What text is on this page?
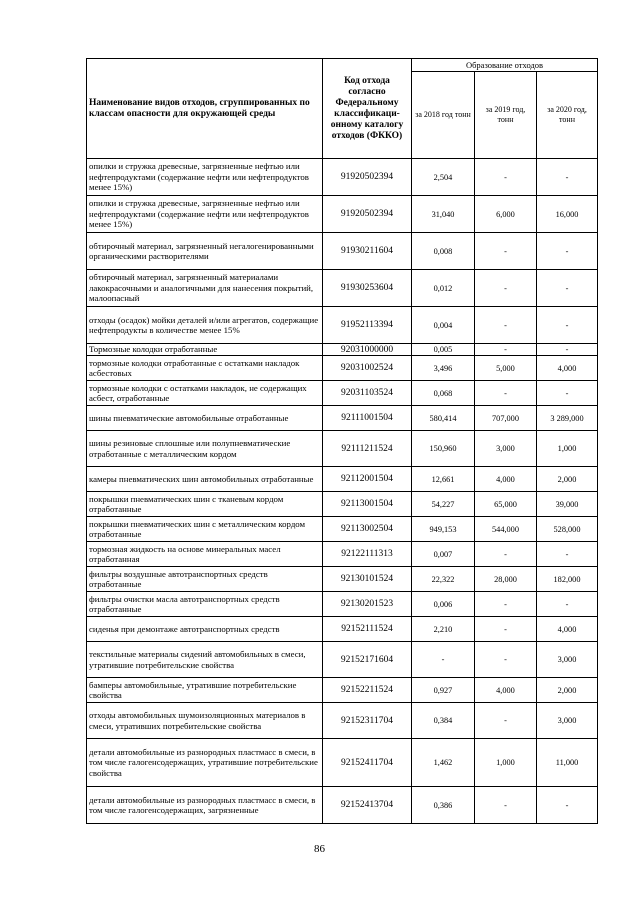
Наименование видов отходов, сгруппированных по классам опасности для окружающей среды	Код отхода согласно Федеральному классификаци-онному каталогу отходов (ФККО)	Образование отходов		
		за 2018 год тонн	за 2019 год, тонн	за 2020 год, тонн
опилки и стружка древесные, загрязненные нефтью или нефтепродуктами (содержание нефти или нефтепродуктов менее 15%)	91920502394	2,504	-	-
опилки и стружка древесные, загрязненные нефтью или нефтепродуктами (содержание нефти или нефтепродуктов менее 15%)	91920502394	31,040	6,000	16,000
обтирочный материал, загрязненный негалогенированными органическими растворителями	91930211604	0,008	-	-
обтирочный материал, загрязненный материалами лакокрасочными и аналогичными для нанесения покрытий, малоопасный	91930253604	0,012	-	-
отходы (осадок) мойки деталей и/или агрегатов, содержащие нефтепродукты в количестве менее 15%	91952113394	0,004	-	-
Тормозные колодки отработанные	92031000000	0,005	-	-
тормозные колодки отработанные с остатками накладок асбестовых	92031002524	3,496	5,000	4,000
тормозные колодки с остатками накладок, не содержащих асбест, отработанные	92031103524	0,068	-	-
шины пневматические автомобильные отработанные	92111001504	580,414	707,000	3 289,000
шины резиновые сплошные или полупневматические отработанные с металлическим кордом	92111211524	150,960	3,000	1,000
камеры пневматических шин автомобильных отработанные	92112001504	12,661	4,000	2,000
покрышки пневматических шин с тканевым кордом отработанные	92113001504	54,227	65,000	39,000
покрышки пневматических шин с металлическим кордом отработанные	92113002504	949,153	544,000	528,000
тормозная жидкость на основе минеральных масел отработанная	92122111313	0,007	-	-
фильтры воздушные автотранспортных средств отработанные	92130101524	22,322	28,000	182,000
фильтры очистки масла автотранспортных средств отработанные	92130201523	0,006	-	-
сиденья при демонтаже автотранспортных средств	92152111524	2,210	-	4,000
текстильные материалы сидений автомобильных в смеси, утратившие потребительские свойства	92152171604	-	-	3,000
бамперы автомобильные, утратившие потребительские свойства	92152211524	0,927	4,000	2,000
отходы автомобильных шумоизоляционных материалов в смеси, утративших потребительские свойства	92152311704	0,384	-	3,000
детали автомобильные из разнородных пластмасс в смеси, в том числе галогенсодержащих, утратившие потребительские свойства	92152411704	1,462	1,000	11,000
детали автомобильные из разнородных пластмасс в смеси, в том числе галогенсодержащих, загрязненные	92152413704	0,386	-	-
86
